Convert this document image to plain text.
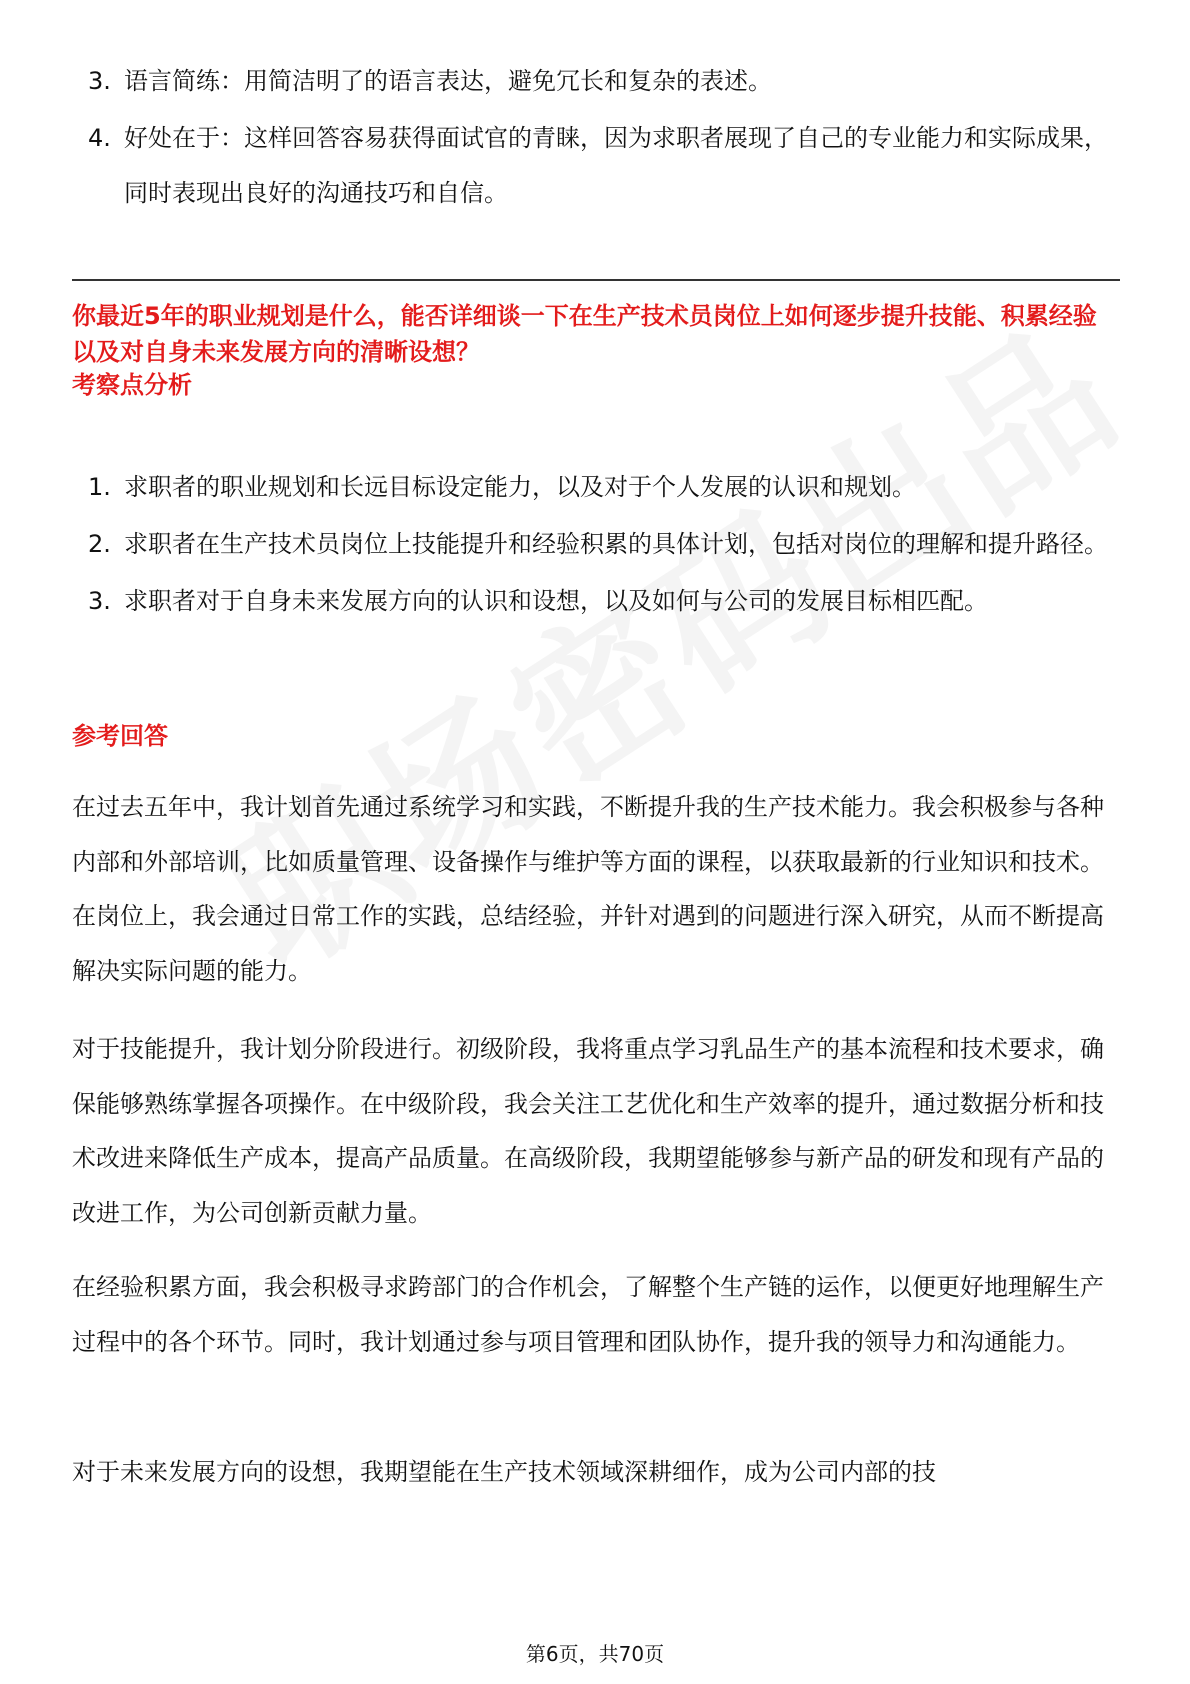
3. 语言简练：用简洁明了的语言表达，避免冗长和复杂的表述。
4. 好处在于：这样回答容易获得面试官的青睐，因为求职者展现了自己的专业能力和实际成果，同时表现出良好的沟通技巧和自信。
你最近5年的职业规划是什么，能否详细谈一下在生产技术员岗位上如何逐步提升技能、积累经验以及对自身未来发展方向的清晰设想？
考察点分析
1. 求职者的职业规划和长远目标设定能力，以及对于个人发展的认识和规划。
2. 求职者在生产技术员岗位上技能提升和经验积累的具体计划，包括对岗位的理解和提升路径。
3. 求职者对于自身未来发展方向的认识和设想，以及如何与公司的发展目标相匹配。
参考回答

在过去五年中，我计划首先通过系统学习和实践，不断提升我的生产技术能力。我会积极参与各种内部和外部培训，比如质量管理、设备操作与维护等方面的课程，以获取最新的行业知识和技术。在岗位上，我会通过日常工作的实践，总结经验，并针对遇到的问题进行深入研究，从而不断提高解决实际问题的能力。

对于技能提升，我计划分阶段进行。初级阶段，我将重点学习乳品生产的基本流程和技术要求，确保能够熟练掌握各项操作。在中级阶段，我会关注工艺优化和生产效率的提升，通过数据分析和技术改进来降低生产成本，提高产品质量。在高级阶段，我期望能够参与新产品的研发和现有产品的改进工作，为公司创新贡献力量。

在经验积累方面，我会积极寻求跨部门的合作机会，了解整个生产链的运作，以便更好地理解生产过程中的各个环节。同时，我计划通过参与项目管理和团队协作，提升我的领导力和沟通能力。

对于未来发展方向的设想，我期望能在生产技术领域深耕细作，成为公司内部的技

第6页，共70页
